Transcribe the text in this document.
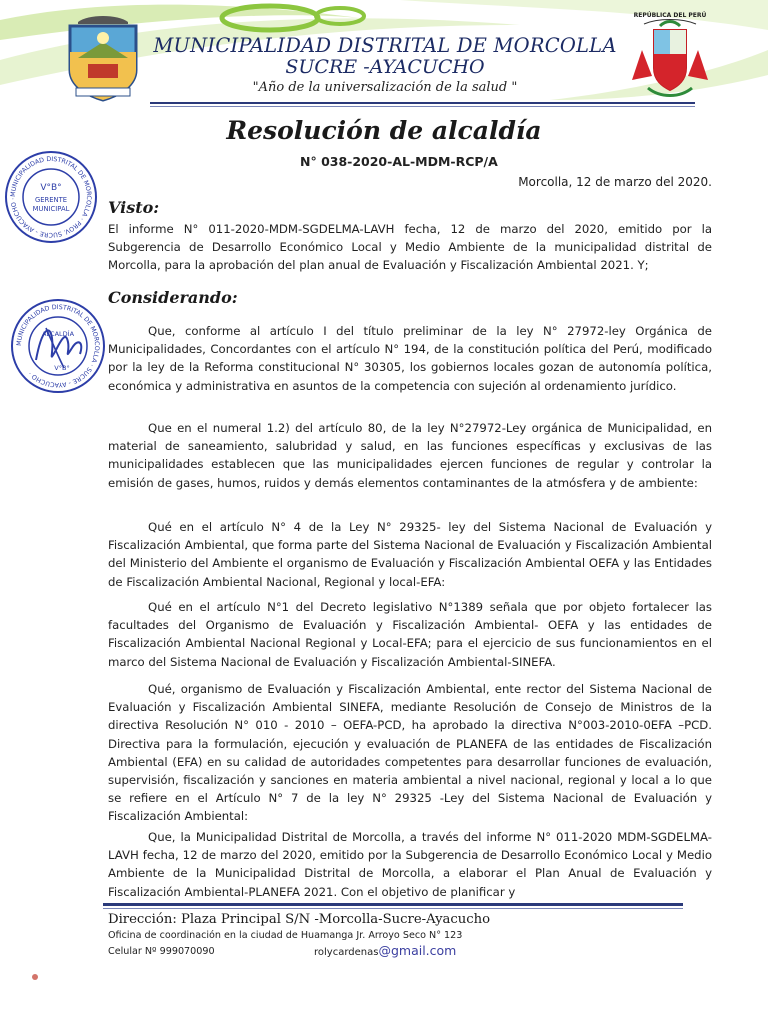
REPÚBLICA DEL PERÚ
MUNICIPALIDAD DISTRITAL DE MORCOLLA
SUCRE -AYACUCHO
"Año de la universalización de la salud "
Resolución de alcaldía
N° 038-2020-AL-MDM-RCP/A
Morcolla, 12 de marzo del 2020.
MUNICIPALIDAD DISTRITAL DE MORCOLLA · PROV. SUCRE - AYACUCHO ·
V°B°
GERENTE
MUNICIPAL
MUNICIPALIDAD DISTRITAL DE MORCOLLA · SUCRE - AYACUCHO ·
ALCALDÍA
V°B°
Visto:
El informe N° 011-2020-MDM-SGDELMA-LAVH fecha, 12 de marzo del 2020, emitido por la Subgerencia de Desarrollo Económico Local y Medio Ambiente de la municipalidad distrital de Morcolla, para la aprobación del plan anual de Evaluación y Fiscalización Ambiental 2021. Y;
Considerando:
Que, conforme al artículo I del título preliminar de la ley N° 27972-ley Orgánica de Municipalidades, Concordantes con el artículo N° 194, de la constitución política del Perú, modificado por la ley de la Reforma constitucional N° 30305, los gobiernos locales gozan de autonomía política, económica y administrativa en asuntos de la competencia con sujeción al ordenamiento jurídico.
Que en el numeral 1.2) del artículo 80, de la ley N°27972-Ley orgánica de Municipalidad, en material de saneamiento, salubridad y salud, en las funciones específicas y exclusivas de las municipalidades establecen que las municipalidades ejercen funciones de regular y controlar la emisión de gases, humos, ruidos y demás elementos contaminantes de la atmósfera y de ambiente:
Qué en el artículo N° 4 de la Ley N° 29325- ley del Sistema Nacional de Evaluación y Fiscalización Ambiental, que forma parte del Sistema Nacional de Evaluación y Fiscalización Ambiental del Ministerio del Ambiente el organismo de Evaluación y Fiscalización Ambiental OEFA y las Entidades de Fiscalización Ambiental Nacional, Regional y local-EFA:
Qué en el artículo N°1 del Decreto legislativo N°1389 señala que por objeto fortalecer las facultades del Organismo de Evaluación y Fiscalización Ambiental- OEFA y las entidades de Fiscalización Ambiental Nacional Regional y Local-EFA; para el ejercicio de sus funcionamientos en el marco del Sistema Nacional de Evaluación y Fiscalización Ambiental-SINEFA.
Qué, organismo de Evaluación y Fiscalización Ambiental, ente rector del Sistema Nacional de Evaluación y Fiscalización Ambiental SINEFA, mediante Resolución de Consejo de Ministros de la directiva Resolución N° 010 - 2010 – OEFA-PCD, ha aprobado la directiva N°003-2010-0EFA –PCD. Directiva para la formulación, ejecución y evaluación de PLANEFA de las entidades de Fiscalización Ambiental (EFA) en su calidad de autoridades competentes para desarrollar funciones de evaluación, supervisión, fiscalización y sanciones en materia ambiental a nivel nacional, regional y local a lo que se refiere en el Artículo N° 7 de la ley N° 29325 -Ley del Sistema Nacional de Evaluación y Fiscalización Ambiental:
Que, la Municipalidad Distrital de Morcolla, a través del informe N° 011-2020 MDM-SGDELMA-LAVH fecha, 12 de marzo del 2020, emitido por la Subgerencia de Desarrollo Económico Local y Medio Ambiente de la Municipalidad Distrital de Morcolla, a elaborar el Plan Anual de Evaluación y Fiscalización Ambiental-PLANEFA 2021. Con el objetivo de planificar y
Dirección: Plaza Principal S/N -Morcolla-Sucre-Ayacucho
Oficina de coordinación en la ciudad de Huamanga Jr. Arroyo Seco N° 123
Celular Nº 999070090	rolycardenas@gmail.com
